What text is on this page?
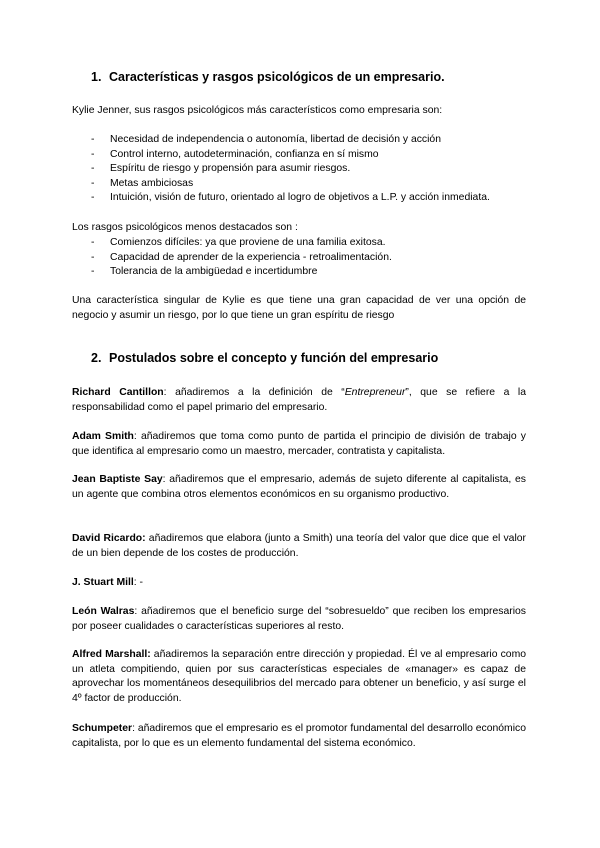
1. Características y rasgos psicológicos de un empresario.

Kylie Jenner, sus rasgos psicológicos más característicos como empresaria son:

- Necesidad de independencia o autonomía, libertad de decisión y acción
- Control interno, autodeterminación, confianza en sí mismo
- Espíritu de riesgo y propensión para asumir riesgos.
- Metas ambiciosas
- Intuición, visión de futuro, orientado al logro de objetivos a L.P. y acción inmediata.

Los rasgos psicológicos menos destacados son :

- Comienzos difíciles: ya que proviene de una familia exitosa.
- Capacidad de aprender de la experiencia - retroalimentación.
- Tolerancia de la ambigüedad e incertidumbre

Una característica singular de Kylie es que tiene una gran capacidad de ver una opción de negocio y asumir un riesgo, por lo que tiene un gran espíritu de riesgo

2. Postulados sobre el concepto y función del empresario

Richard Cantillon: añadiremos a la definición de “Entrepreneur”, que se refiere a la responsabilidad como el papel primario del empresario.

Adam Smith: añadiremos que toma como punto de partida el principio de división de trabajo y que identifica al empresario como un maestro, mercader, contratista y capitalista.

Jean Baptiste Say: añadiremos que el empresario, además de sujeto diferente al capitalista, es un agente que combina otros elementos económicos en su organismo productivo.

David Ricardo: añadiremos que elabora (junto a Smith) una teoría del valor que dice que el valor de un bien depende de los costes de producción.

J. Stuart Mill: -

León Walras: añadiremos que el beneficio surge del “sobresueldo” que reciben los empresarios por poseer cualidades o características superiores al resto.

Alfred Marshall: añadiremos la separación entre dirección y propiedad. Él ve al empresario como un atleta compitiendo, quien por sus características especiales de «manager» es capaz de aprovechar los momentáneos desequilibrios del mercado para obtener un beneficio, y así surge el 4º factor de producción.

Schumpeter: añadiremos que el empresario es el promotor fundamental del desarrollo económico capitalista, por lo que es un elemento fundamental del sistema económico.
